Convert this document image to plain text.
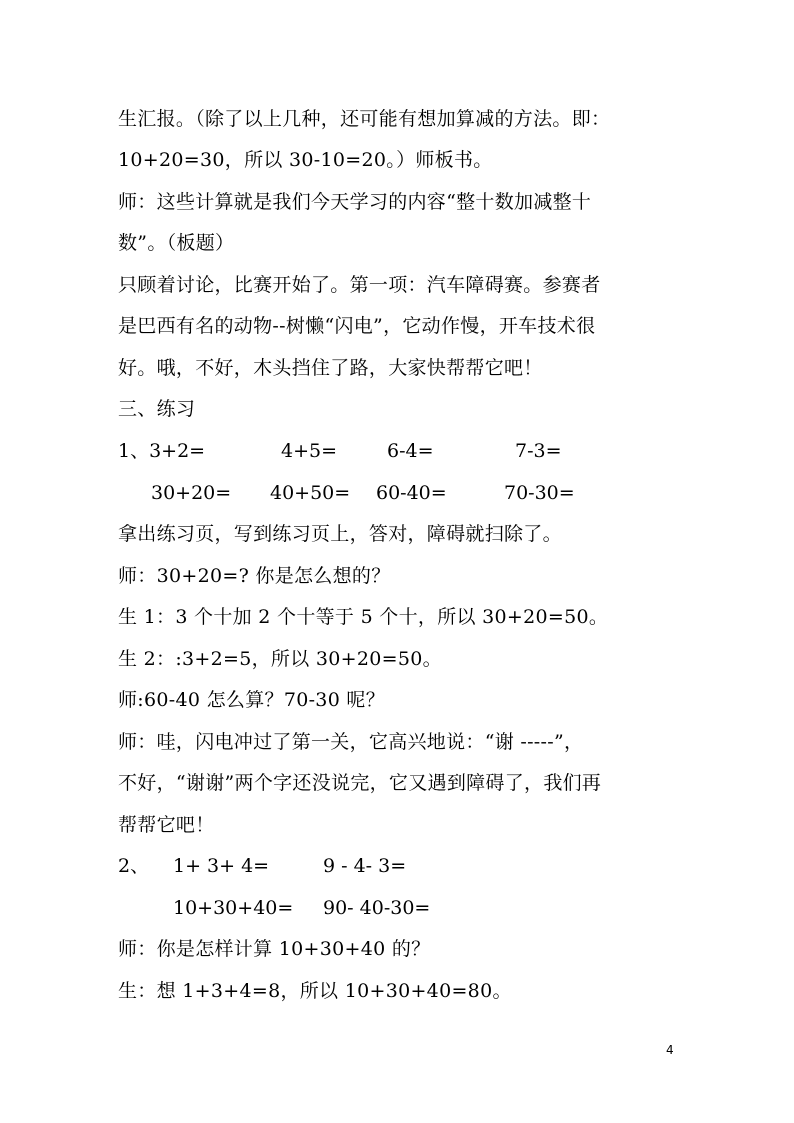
生汇报。（除了以上几种，还可能有想加算减的方法。即：
10+20=30，所以 30-10=20。）师板书。
师：这些计算就是我们今天学习的内容“整十数加减整十
数”。（板题）
只顾着讨论，比赛开始了。第一项：汽车障碍赛。参赛者
是巴西有名的动物--树懒“闪电”，它动作慢，开车技术很
好。哦，不好，木头挡住了路，大家快帮帮它吧！
三、练习
1、3+2=	4+5=	6-4=	7-3=
30+20= 40+50= 60-40=	70-30=
拿出练习页，写到练习页上，答对，障碍就扫除了。
师：30+20=? 你是怎么想的？
生 1：3 个十加 2 个十等于 5 个十，所以 30+20=50。
生 2：:3+2=5，所以 30+20=50。
师:60-40 怎么算？70-30 呢？
师：哇，闪电冲过了第一关，它高兴地说：“谢 -----”，
不好，“谢谢”两个字还没说完，它又遇到障碍了，我们再
帮帮它吧！
2、 1+ 3+ 4=	9 - 4- 3=
10+30+40= 90- 40-30=
师：你是怎样计算 10+30+40 的？
生：想 1+3+4=8，所以 10+30+40=80。
4
